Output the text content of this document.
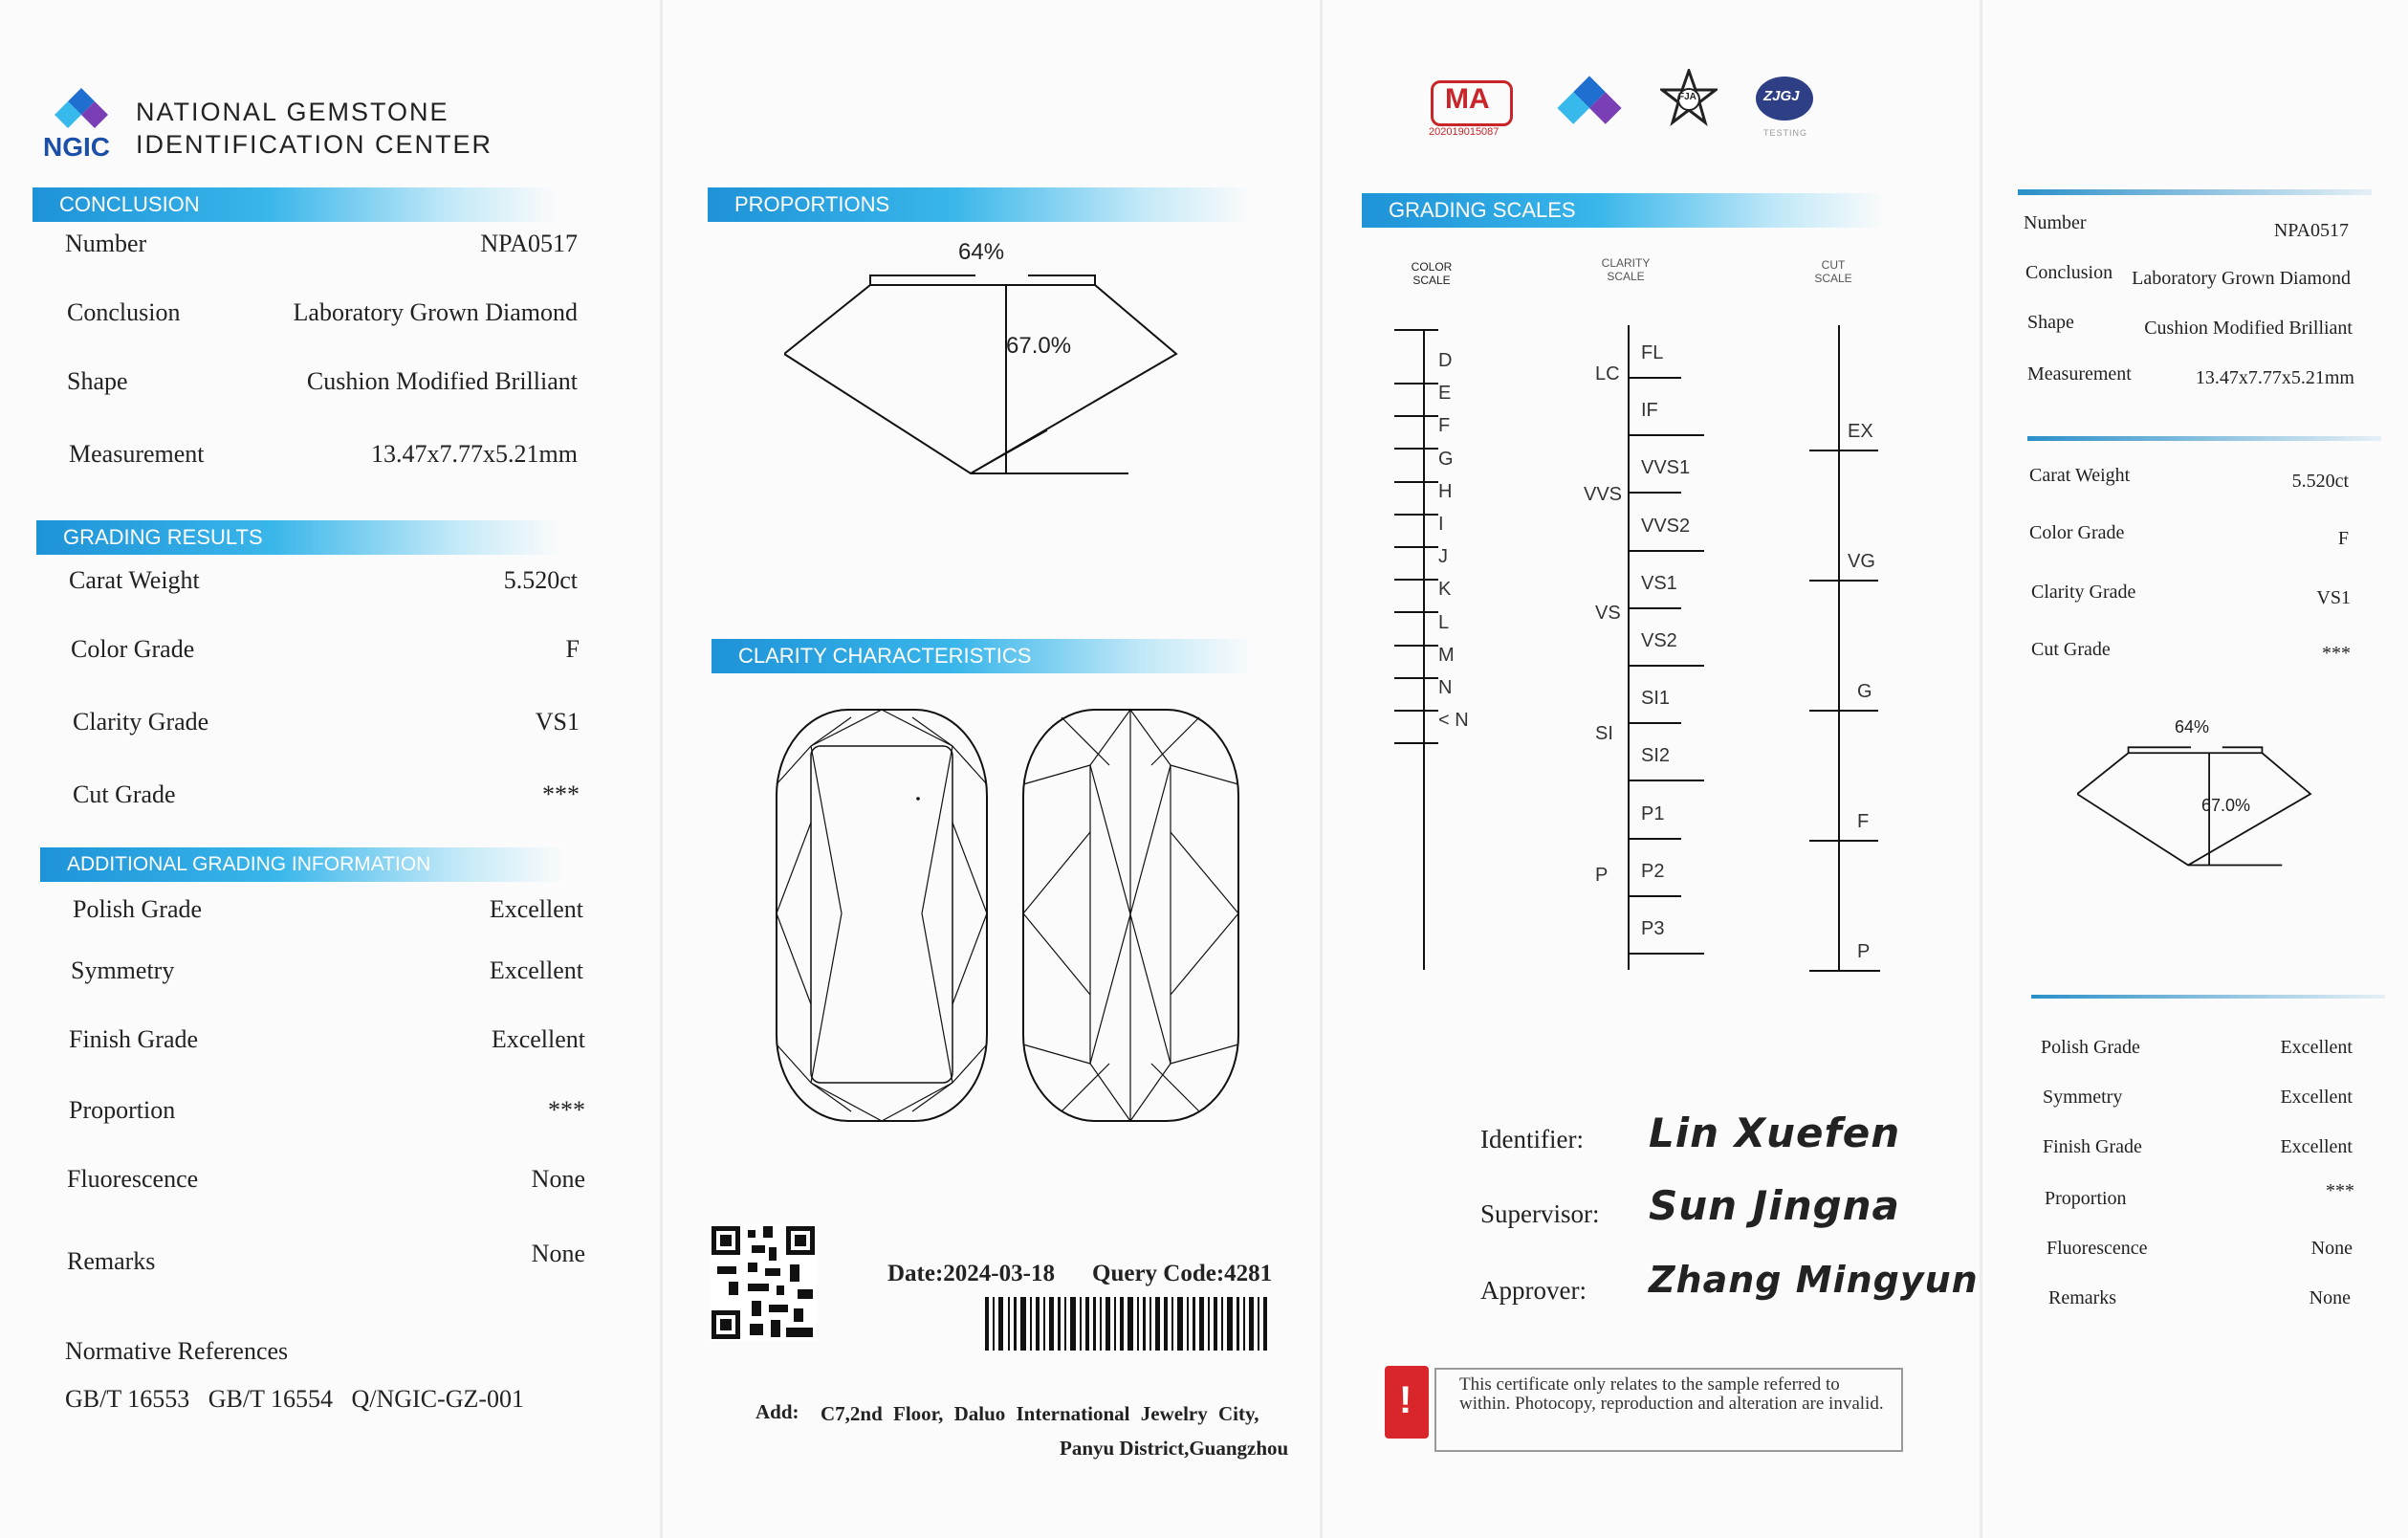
NGIC
NATIONAL GEMSTONE
IDENTIFICATION CENTER
CONCLUSION
Number	NPA0517
Conclusion	Laboratory Grown Diamond
Shape	Cushion Modified Brilliant
Measurement	13.47x7.77x5.21mm
GRADING RESULTS
Carat Weight	5.520ct
Color Grade	F
Clarity Grade	VS1
Cut Grade	***
ADDITIONAL GRADING INFORMATION
Polish Grade	Excellent
Symmetry	Excellent
Finish Grade	Excellent
Proportion	***
Fluorescence	None
Remarks	None
Normative References
GB/T 16553   GB/T 16554   Q/NGIC-GZ-001
PROPORTIONS
64%
67.0%
CLARITY CHARACTERISTICS
Date:2024-03-18 Query Code:4281
Add: C7,2nd Floor, Daluo International Jewelry City,
Panyu District,Guangzhou
MA
202019015087
FJA	ZJGJ
TESTING
GRADING SCALES
COLOR
SCALE
CLARITY
SCALE
CUT
SCALE
D
E
F
G
H
I
J
K
L
M
N
< N
FL
IF
VVS1
VVS2
VS1
VS2
SI1
SI2
P1
P2
P3
LC
VVS
VS
SI
P
EX
VG
G
F
P
Identifier: Lin Xuefen
Supervisor: Sun Jingna
Approver: Zhang Mingyun
!	This certificate only relates to the sample referred to within. Photocopy, reproduction and alteration are invalid.
Number	NPA0517
Conclusion Laboratory Grown Diamond
Shape	Cushion Modified Brilliant
Measurement	13.47x7.77x5.21mm
Carat Weight	5.520ct
Color Grade	F
Clarity Grade	VS1
Cut Grade	***
64%
67.0%
Polish Grade	Excellent
Symmetry	Excellent
Finish Grade	Excellent
Proportion	***
Fluorescence	None
Remarks	None
